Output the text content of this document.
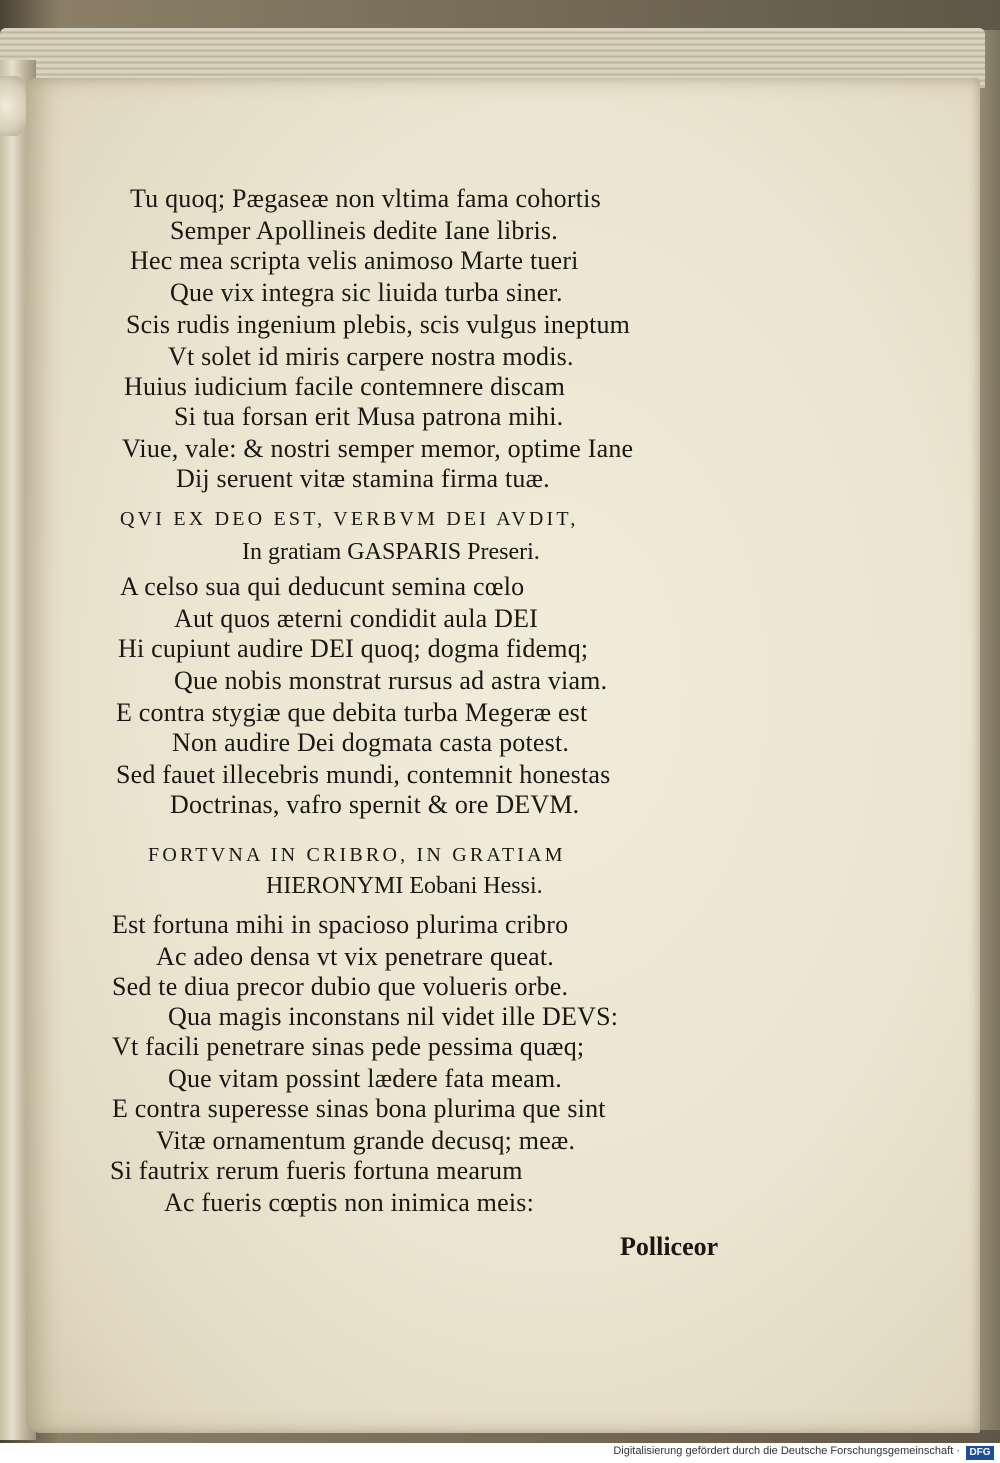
Tu quoq; Pægaseæ non vltima fama cohortis
Semper Apollineis dedite Iane libris.
Hec mea scripta velis animoso Marte tueri
Que vix integra sic liuida turba siner.
Scis rudis ingenium plebis, scis vulgus ineptum
Vt solet id miris carpere nostra modis.
Huius iudicium facile contemnere discam
Si tua forsan erit Musa patrona mihi.
Viue, vale: & nostri semper memor, optime Iane
Dij seruent vitæ stamina firma tuæ.
QVI EX DEO EST, VERBVM DEI AVDIT,
In gratiam GASPARIS Preseri.
A celso sua qui deducunt semina cœlo
Aut quos æterni condidit aula DEI
Hi cupiunt audire DEI quoq; dogma fidemq;
Que nobis monstrat rursus ad astra viam.
E contra stygiæ que debita turba Megeræ est
Non audire Dei dogmata casta potest.
Sed fauet illecebris mundi, contemnit honestas
Doctrinas, vafro spernit & ore DEVM.
FORTVNA IN CRIBRO, IN GRATIAM
HIERONYMI Eobani Hessi.
Est fortuna mihi in spacioso plurima cribro
Ac adeo densa vt vix penetrare queat.
Sed te diua precor dubio que volueris orbe.
Qua magis inconstans nil videt ille DEVS:
Vt facili penetrare sinas pede pessima quæq;
Que vitam possint lædere fata meam.
E contra superesse sinas bona plurima que sint
Vitæ ornamentum grande decusq; meæ.
Si fautrix rerum fueris fortuna mearum
Ac fueris cœptis non inimica meis:
Polliceor
Digitalisierung gefördert durch die Deutsche Forschungsgemeinschaft · DFG
